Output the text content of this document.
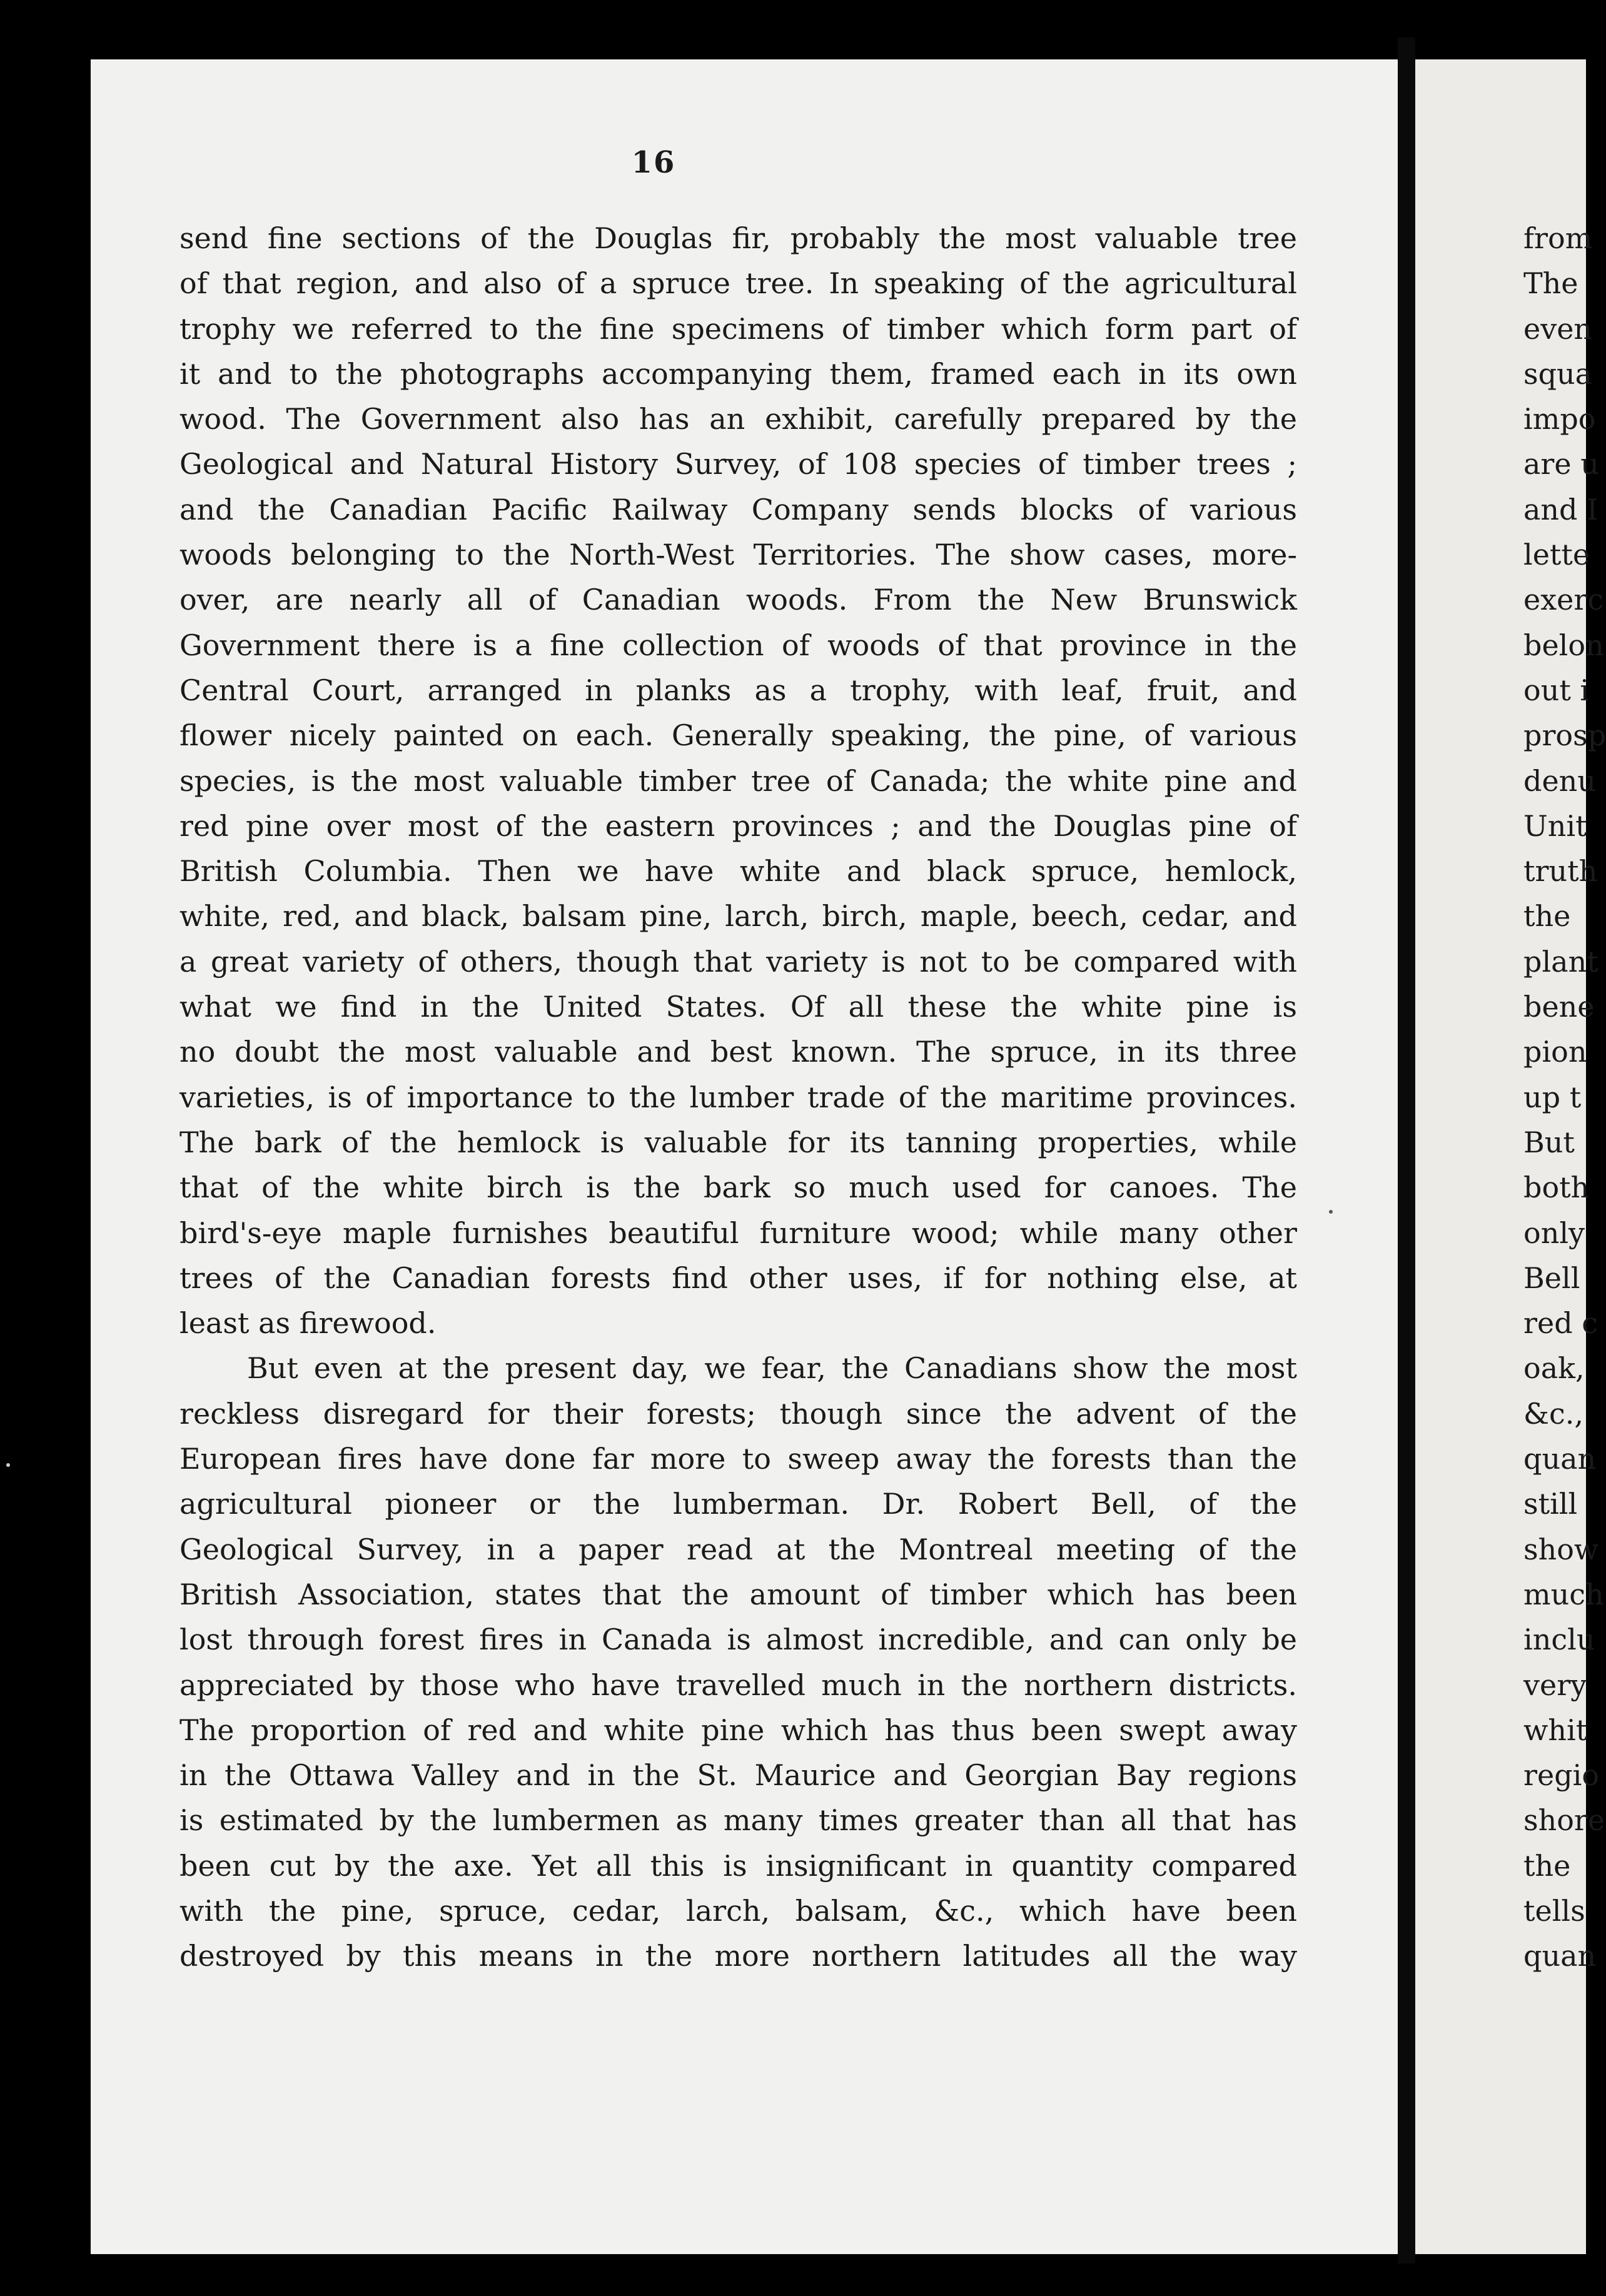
16
send fine sections of the Douglas fir, probably the most valuable tree
of that region, and also of a spruce tree. In speaking of the agricultural
trophy we referred to the fine specimens of timber which form part of
it and to the photographs accompanying them, framed each in its own
wood. The Government also has an exhibit, carefully prepared by the
Geological and Natural History Survey, of 108 species of timber trees ;
and the Canadian Pacific Railway Company sends blocks of various
woods belonging to the North-West Territories. The show cases, more-
over, are nearly all of Canadian woods. From the New Brunswick
Government there is a fine collection of woods of that province in the
Central Court, arranged in planks as a trophy, with leaf, fruit, and
flower nicely painted on each. Generally speaking, the pine, of various
species, is the most valuable timber tree of Canada; the white pine and
red pine over most of the eastern provinces ; and the Douglas pine of
British Columbia. Then we have white and black spruce, hemlock,
white, red, and black, balsam pine, larch, birch, maple, beech, cedar, and
a great variety of others, though that variety is not to be compared with
what we find in the United States. Of all these the white pine is
no doubt the most valuable and best known. The spruce, in its three
varieties, is of importance to the lumber trade of the maritime provinces.
The bark of the hemlock is valuable for its tanning properties, while
that of the white birch is the bark so much used for canoes. The
bird's-eye maple furnishes beautiful furniture wood; while many other
trees of the Canadian forests find other uses, if for nothing else, at
least as firewood.
But even at the present day, we fear, the Canadians show the most
reckless disregard for their forests; though since the advent of the
European fires have done far more to sweep away the forests than the
agricultural pioneer or the lumberman. Dr. Robert Bell, of the
Geological Survey, in a paper read at the Montreal meeting of the
British Association, states that the amount of timber which has been
lost through forest fires in Canada is almost incredible, and can only be
appreciated by those who have travelled much in the northern districts.
The proportion of red and white pine which has thus been swept away
in the Ottawa Valley and in the St. Maurice and Georgian Bay regions
is estimated by the lumbermen as many times greater than all that has
been cut by the axe. Yet all this is insignificant in quantity compared
with the pine, spruce, cedar, larch, balsam, &c., which have been
destroyed by this means in the more northern latitudes all the way
from
The
even
squa
impo
are u
and I
lette
exerc
belon
out i
prosp
denu
Unit
truth
the
plant
bene
pion
up t
But
both
only
Bell
red c
oak,
&c.,
quan
still
show
much
inclu
very
whit
regio
shore
the
tells
quan
